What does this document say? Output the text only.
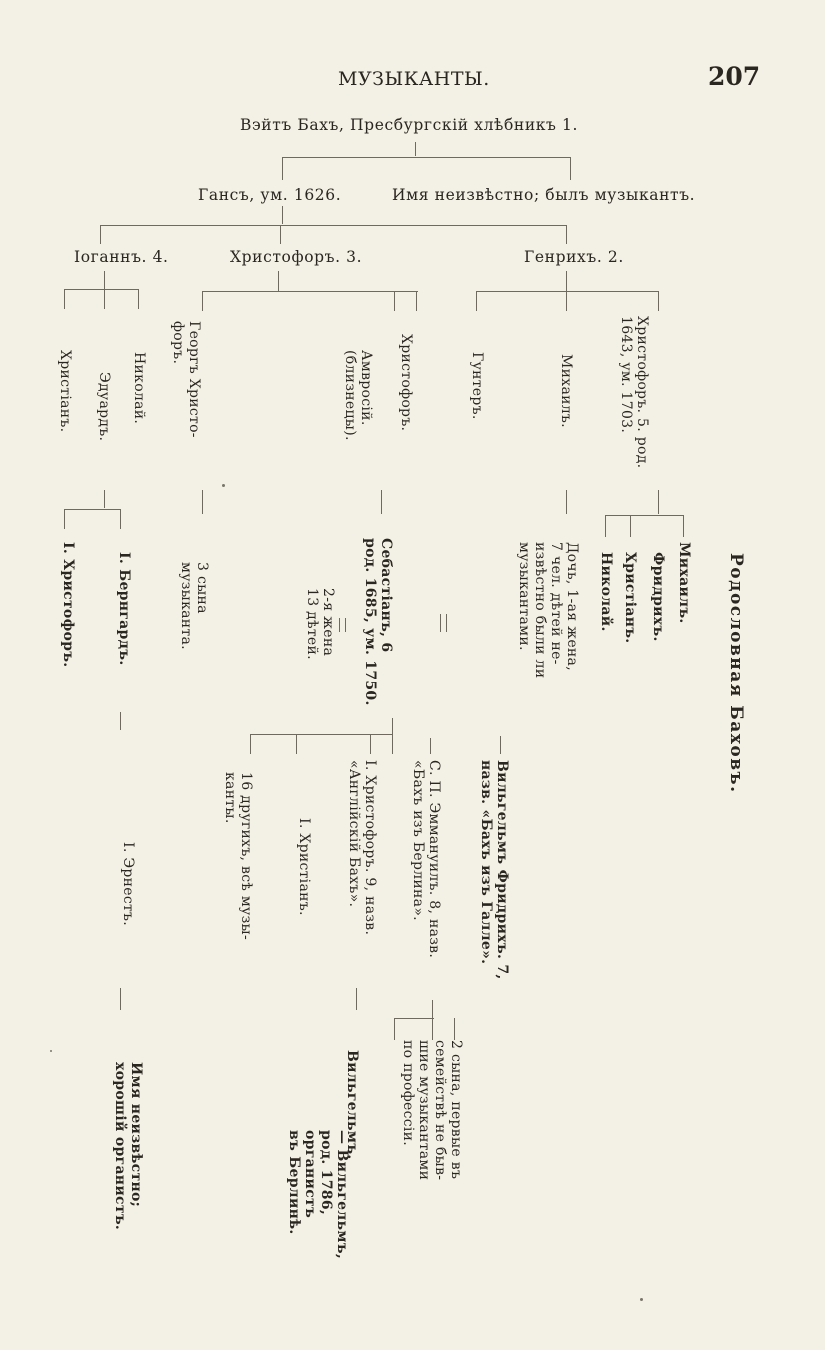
МУЗЫКАНТЫ.	207
Вэйтъ Бахъ, Пресбургскій хлѣбникъ 1.
Гансъ, ум. 1626.	Имя неизвѣстно; былъ музыкантъ.
Іоганнъ. 4.	Христофоръ. 3.	Генрихъ. 2.
Христіанъ. Эдуардъ. Николай.	Георгъ Христо-
форъ.	Христофоръ.
Амвросій.
(близнецы).	Гунтеръ.	Михаилъ.	Христофоръ. 5. род.
1643, ум. 1703.
Родословная Баховъ.
І. Христофоръ.	І. Бернгардъ.	3 сына
музыканта.	Себастіанъ, 6
род. 1685, ум. 1750.
2-я жена
13 дѣтей.	Дочь, 1-ая жена,
7 чел. дѣтей не-
извѣстно были ли
музыкантами.	Николай. Христіанъ. Фридрихъ. Михаилъ.
І. Эрнестъ.	16 другихъ, всѣ музы-
канты.
І. Христіанъ.	І. Христофоръ. 9, назв.
«Англійскій Бахъ».	С. П. Эммануилъ. 8, назв.
«Бахъ изъ Берлина».	Вильгельмъ Фридрихъ. 7,
назв. «Бахъ изъ Галле».
Имя неизвѣстно;
хорошій органистъ.	Вильгельмъ.	2 сына, первые въ
семействѣ не быв-
шие музыкантами
по профессіи.
— Вильгельмъ,
род. 1786,
органистъ
въ Берлинѣ.
